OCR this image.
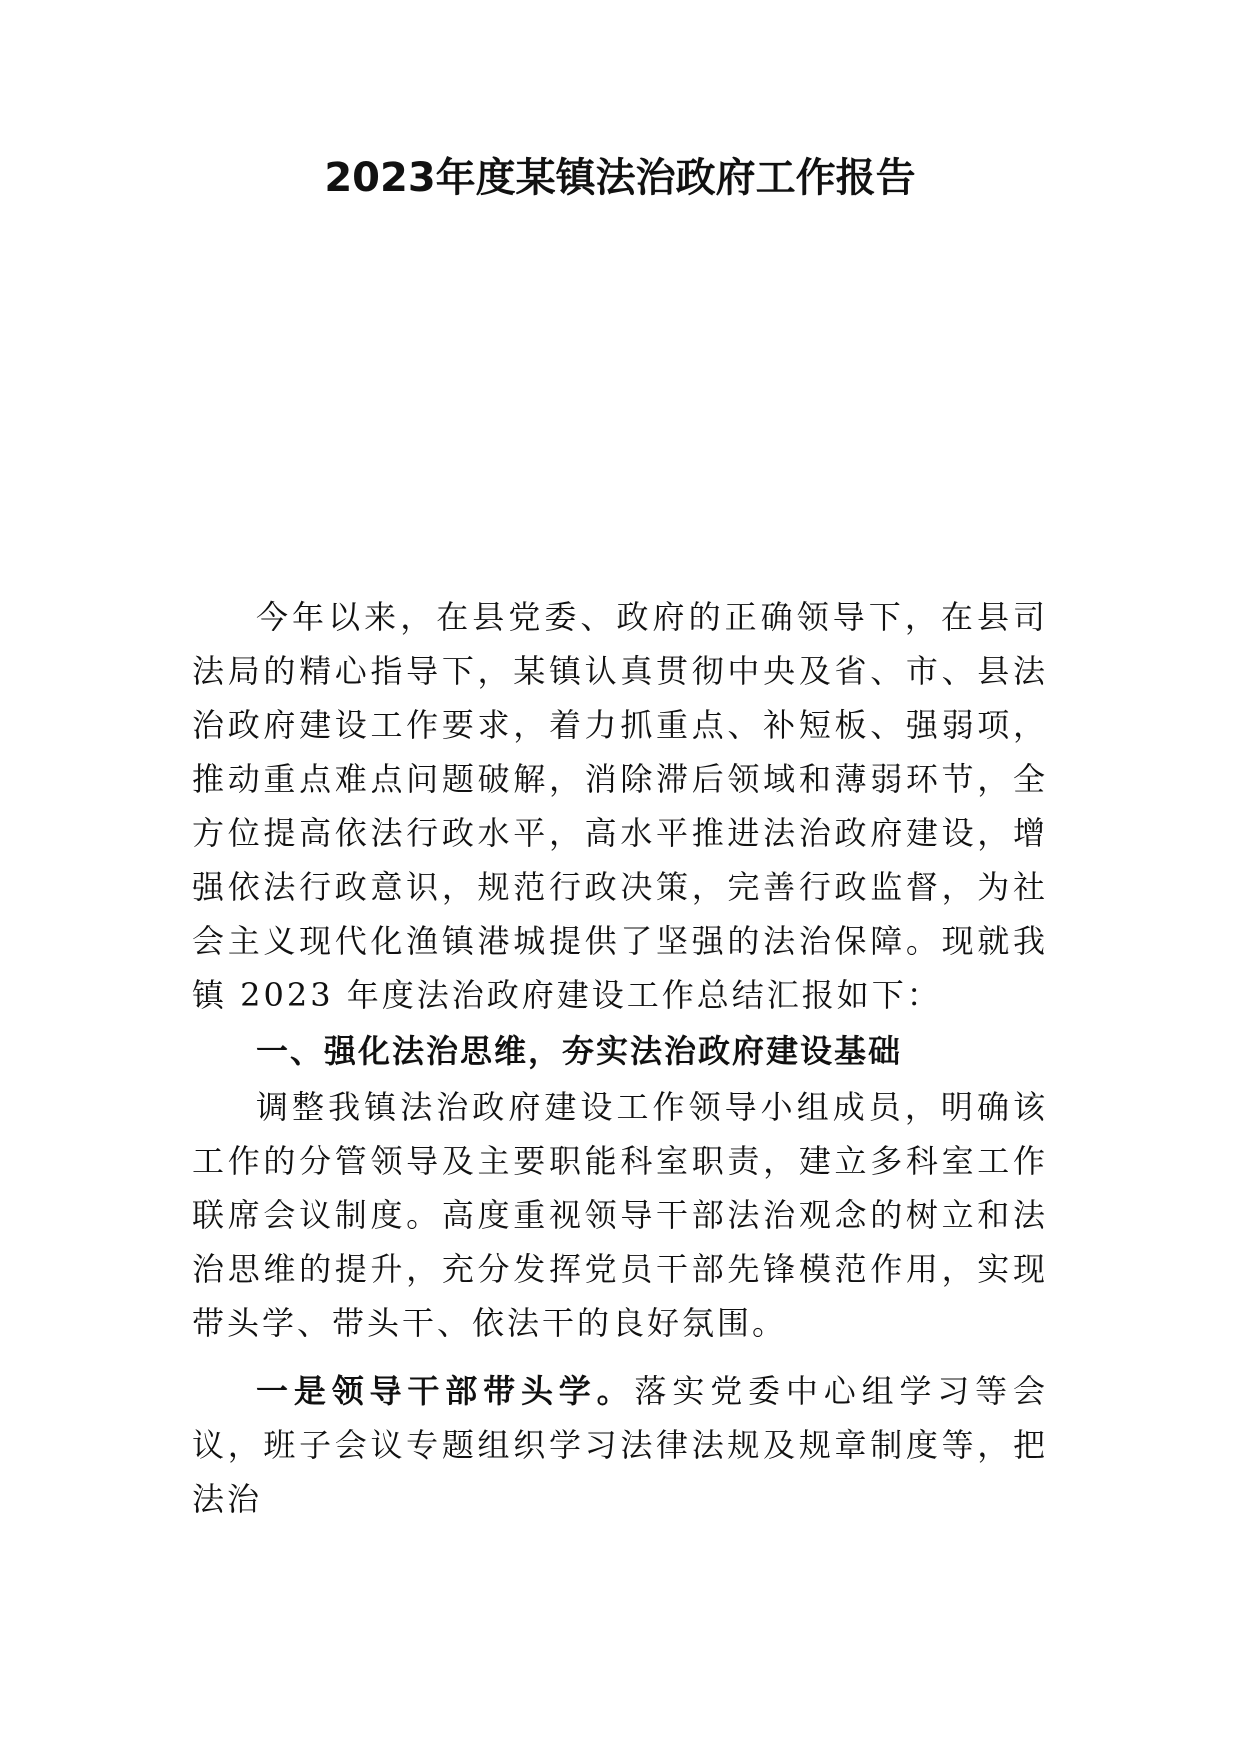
2023年度某镇法治政府工作报告

今年以来，在县党委、政府的正确领导下，在县司法局的精心指导下，某镇认真贯彻中央及省、市、县法治政府建设工作要求，着力抓重点、补短板、强弱项，推动重点难点问题破解，消除滞后领域和薄弱环节，全方位提高依法行政水平，高水平推进法治政府建设，增强依法行政意识，规范行政决策，完善行政监督，为社会主义现代化渔镇港城提供了坚强的法治保障。现就我镇 2023 年度法治政府建设工作总结汇报如下：

一、强化法治思维，夯实法治政府建设基础

调整我镇法治政府建设工作领导小组成员，明确该工作的分管领导及主要职能科室职责，建立多科室工作联席会议制度。高度重视领导干部法治观念的树立和法治思维的提升，充分发挥党员干部先锋模范作用，实现带头学、带头干、依法干的良好氛围。

一是领导干部带头学。落实党委中心组学习等会议，班子会议专题组织学习法律法规及规章制度等，把法治
